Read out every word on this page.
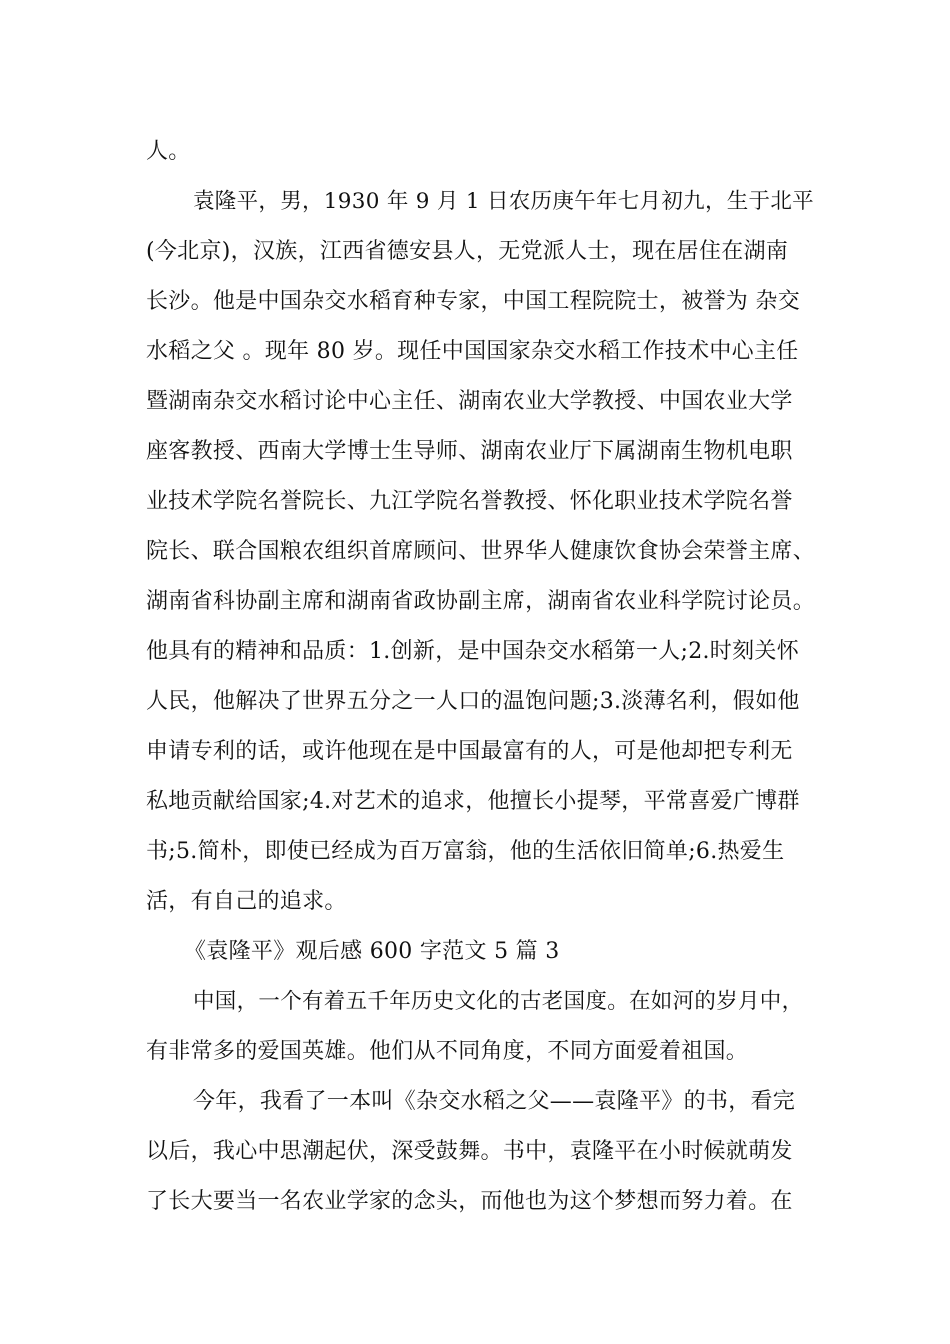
人。
袁隆平，男，1930 年 9 月 1 日农历庚午年七月初九，生于北平
(今北京)，汉族，江西省德安县人，无党派人士，现在居住在湖南
长沙。他是中国杂交水稻育种专家，中国工程院院士，被誉为 杂交
水稻之父 。现年 80 岁。现任中国国家杂交水稻工作技术中心主任
暨湖南杂交水稻讨论中心主任、湖南农业大学教授、中国农业大学
座客教授、西南大学博士生导师、湖南农业厅下属湖南生物机电职
业技术学院名誉院长、九江学院名誉教授、怀化职业技术学院名誉
院长、联合国粮农组织首席顾问、世界华人健康饮食协会荣誉主席、
湖南省科协副主席和湖南省政协副主席，湖南省农业科学院讨论员。
他具有的精神和品质：1.创新，是中国杂交水稻第一人;2.时刻关怀
人民，他解决了世界五分之一人口的温饱问题;3.淡薄名利，假如他
申请专利的话，或许他现在是中国最富有的人，可是他却把专利无
私地贡献给国家;4.对艺术的追求，他擅长小提琴，平常喜爱广博群
书;5.简朴，即使已经成为百万富翁，他的生活依旧简单;6.热爱生
活，有自己的追求。
《袁隆平》观后感 600 字范文 5 篇 3
中国，一个有着五千年历史文化的古老国度。在如河的岁月中，
有非常多的爱国英雄。他们从不同角度，不同方面爱着祖国。
今年，我看了一本叫《杂交水稻之父——袁隆平》的书，看完
以后，我心中思潮起伏，深受鼓舞。书中，袁隆平在小时候就萌发
了长大要当一名农业学家的念头，而他也为这个梦想而努力着。在
